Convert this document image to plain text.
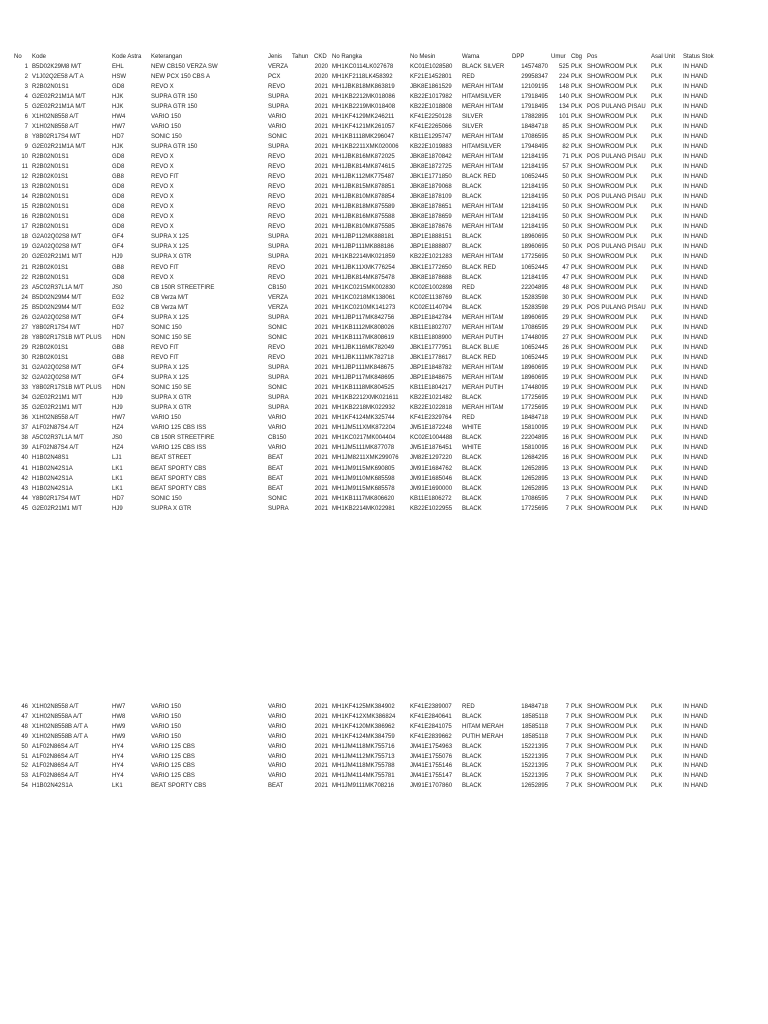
No	Kode	Kode Astra	Keterangan	Jenis	Tahun CKD No Rangka	No Mesin	Warna	DPP	Umur Cbg Pos	Asal Unit	Status Stok
1 B5D02K29M8 M/T	EHL	NEW CB150 VERZA SW	VERZA	2020 MH1KC0114LK027678	KC01E1028580	BLACK SILVER	14574870	525 PLK SHOWROOM PLK	PLK	IN HAND
2 V1J02Q2E58 A/T A	HSW	NEW PCX 150 CBS A	PCX	2020 MH1KF2118LK458392	KF21E1452801	RED	29958347	224 PLK SHOWROOM PLK	PLK	IN HAND
3 R2B02N01S1	GD8	REVO X	REVO	2021 MH1JBK818MK863819	JBK8E1861529	MERAH HITAM	12109195	148 PLK SHOWROOM PLK	PLK	IN HAND
4 G2E02R21M1A M/T	HJK	SUPRA GTR 150	SUPRA	2021 MH1KB2212MK018086	KB22E1017982	HITAMSILVER	17918495	140 PLK SHOWROOM PLK	PLK	IN HAND
5 G2E02R21M1A M/T	HJK	SUPRA GTR 150	SUPRA	2021 MH1KB2219MK018408	KB22E1018808	MERAH HITAM	17918495	134 PLK POS PULANG PISAU PLK	IN HAND
6 X1H02N8558 A/T	HW4	VARIO 150	VARIO	2021 MH1KF4129MK246211	KF41E2250128	SILVER	17882895	101 PLK SHOWROOM PLK	PLK	IN HAND
7 X1H02N8558 A/T	HW7	VARIO 150	VARIO	2021 MH1KF4121MK261057	KF41E2265066	SILVER	18484718	85 PLK SHOWROOM PLK	PLK	IN HAND
8 Y8B02R17S4 M/T	HD7	SONIC 150	SONIC	2021 MH1KB1118MK296047	KB11E1295747	MERAH HITAM	17086595	85 PLK SHOWROOM PLK	PLK	IN HAND
9 G2E02R21M1A M/T	HJK	SUPRA GTR 150	SUPRA	2021 MH1KB2211XMK020006	KB22E1019883	HITAMSILVER	17948495	82 PLK SHOWROOM PLK	PLK	IN HAND
10 R2B02N01S1	GD8	REVO X	REVO	2021 MH1JBK816MK872025	JBK8E1870842	MERAH HITAM	12184195	71 PLK POS PULANG PISAU PLK	IN HAND
11 R2B02N01S1	GD8	REVO X	REVO	2021 MH1JBK814MK874615	JBK8E1872725	MERAH HITAM	12184195	57 PLK SHOWROOM PLK	PLK	IN HAND
12 R2B02K01S1	GB8	REVO FIT	REVO	2021 MH1JBK112MK775487	JBK1E1771850	BLACK RED	10652445	50 PLK SHOWROOM PLK	PLK	IN HAND
13 R2B02N01S1	GD8	REVO X	REVO	2021 MH1JBK815MK878851	JBK8E1879068	BLACK	12184195	50 PLK SHOWROOM PLK	PLK	IN HAND
14 R2B02N01S1	GD8	REVO X	REVO	2021 MH1JBK810MK878854	JBK8E1878109	BLACK	12184195	50 PLK POS PULANG PISAU PLK	IN HAND
15 R2B02N01S1	GD8	REVO X	REVO	2021 MH1JBK818MK875589	JBK8E1878651	MERAH HITAM	12184195	50 PLK SHOWROOM PLK	PLK	IN HAND
16 R2B02N01S1	GD8	REVO X	REVO	2021 MH1JBK816MK875588	JBK8E1878659	MERAH HITAM	12184195	50 PLK SHOWROOM PLK	PLK	IN HAND
17 R2B02N01S1	GD8	REVO X	REVO	2021 MH1JBK810MK875585	JBK8E1878676	MERAH HITAM	12184195	50 PLK SHOWROOM PLK	PLK	IN HAND
18 G2A02Q02S8 M/T	GF4	SUPRA X 125	SUPRA	2021 MH1JBP112MK888181	JBP1E1888151	BLACK	18960695	50 PLK SHOWROOM PLK	PLK	IN HAND
19 G2A02Q02S8 M/T	GF4	SUPRA X 125	SUPRA	2021 MH1JBP111MK888186	JBP1E1888807	BLACK	18960695	50 PLK POS PULANG PISAU PLK	IN HAND
20 G2E02R21M1 M/T	HJ9	SUPRA X GTR	SUPRA	2021 MH1KB2214MK021859	KB22E1021283	MERAH HITAM	17725695	50 PLK SHOWROOM PLK	PLK	IN HAND
21 R2B02K01S1	GB8	REVO FIT	REVO	2021 MH1JBK11XMK776254	JBK1E1772650	BLACK RED	10652445	47 PLK SHOWROOM PLK	PLK	IN HAND
22 R2B02N01S1	GD8	REVO X	REVO	2021 MH1JBK814MK875478	JBK8E1878688	BLACK	12184195	47 PLK SHOWROOM PLK	PLK	IN HAND
23 A5C02R37L1A M/T	JS0	CB 150R STREETFIRE	CB150	2021 MH1KC0215MK002830	KC02E1002898	RED	22204895	48 PLK SHOWROOM PLK	PLK	IN HAND
24 B5D02N29M4 M/T	EG2	CB Verza M/T	VERZA	2021 MH1KC0218MK138061	KC02E1138769	BLACK	15283598	30 PLK SHOWROOM PLK	PLK	IN HAND
25 B5D02N29M4 M/T	EG2	CB Verza M/T	VERZA	2021 MH1KC0210MK141273	KC02E1140794	BLACK	15283598	29 PLK POS PULANG PISAU PLK	IN HAND
26 G2A02Q02S8 M/T	GF4	SUPRA X 125	SUPRA	2021 MH1JBP117MK842756	JBP1E1842784	MERAH HITAM	18960695	29 PLK SHOWROOM PLK	PLK	IN HAND
27 Y8B02R17S4 M/T	HD7	SONIC 150	SONIC	2021 MH1KB1112MK808026	KB11E1802707	MERAH HITAM	17086595	29 PLK SHOWROOM PLK	PLK	IN HAND
28 Y8B02R17S1B M/T PLUS	HDN	SONIC 150 SE	SONIC	2021 MH1KB1117MK808619	KB11E1808900	MERAH PUTIH	17448095	27 PLK SHOWROOM PLK	PLK	IN HAND
29 R2B02K01S1	GB8	REVO FIT	REVO	2021 MH1JBK116MK782049	JBK1E1777951	BLACK BLUE	10652445	26 PLK SHOWROOM PLK	PLK	IN HAND
30 R2B02K01S1	GB8	REVO FIT	REVO	2021 MH1JBK111MK782718	JBK1E1778617	BLACK RED	10652445	19 PLK SHOWROOM PLK	PLK	IN HAND
31 G2A02Q02S8 M/T	GF4	SUPRA X 125	SUPRA	2021 MH1JBP111MK848675	JBP1E1848782	MERAH HITAM	18960695	19 PLK SHOWROOM PLK	PLK	IN HAND
32 G2A02Q02S8 M/T	GF4	SUPRA X 125	SUPRA	2021 MH1JBP117MK848695	JBP1E1848675	MERAH HITAM	18960695	19 PLK SHOWROOM PLK	PLK	IN HAND
33 Y8B02R17S1B M/T PLUS	HDN	SONIC 150 SE	SONIC	2021 MH1KB1118MK804525	KB11E1804217	MERAH PUTIH	17448095	19 PLK SHOWROOM PLK	PLK	IN HAND
34 G2E02R21M1 M/T	HJ9	SUPRA X GTR	SUPRA	2021 MH1KB2212XMK021611	KB22E1021482	BLACK	17725695	19 PLK SHOWROOM PLK	PLK	IN HAND
35 G2E02R21M1 M/T	HJ9	SUPRA X GTR	SUPRA	2021 MH1KB2218MK022932	KB22E1022818	MERAH HITAM	17725695	19 PLK SHOWROOM PLK	PLK	IN HAND
36 X1H02N8558 A/T	HW7	VARIO 150	VARIO	2021 MH1KF4124MK325744	KF41E2329764	RED	18484718	19 PLK SHOWROOM PLK	PLK	IN HAND
37 A1F02N87S4 A/T	HZ4	VARIO 125 CBS ISS	VARIO	2021 MH1JM511XMK872204	JM51E1872248	WHITE	15810095	19 PLK SHOWROOM PLK	PLK	IN HAND
38 A5C02R37L1A M/T	JS0	CB 150R STREETFIRE	CB150	2021 MH1KC0217MK004404	KC02E1004488	BLACK	22204895	16 PLK SHOWROOM PLK	PLK	IN HAND
39 A1F02N87S4 A/T	HZ4	VARIO 125 CBS ISS	VARIO	2021 MH1JM5111MK877078	JM51E1876451	WHITE	15810095	16 PLK SHOWROOM PLK	PLK	IN HAND
40 H1B02N48S1	LJ1	BEAT STREET	BEAT	2021 MH1JM8211XMK299076	JM82E1297220	BLACK	12684295	16 PLK SHOWROOM PLK	PLK	IN HAND
41 H1B02N42S1A	LK1	BEAT SPORTY CBS	BEAT	2021 MH1JM9115MK690805	JM91E1684762	BLACK	12652895	13 PLK SHOWROOM PLK	PLK	IN HAND
42 H1B02N42S1A	LK1	BEAT SPORTY CBS	BEAT	2021 MH1JM9110MK685598	JM91E1685046	BLACK	12652895	13 PLK SHOWROOM PLK	PLK	IN HAND
43 H1B02N42S1A	LK1	BEAT SPORTY CBS	BEAT	2021 MH1JM9115MK685578	JM91E1690000	BLACK	12652895	13 PLK SHOWROOM PLK	PLK	IN HAND
44 Y8B02R17S4 M/T	HD7	SONIC 150	SONIC	2021 MH1KB1117MK806620	KB11E1806272	BLACK	17086595	7 PLK SHOWROOM PLK	PLK	IN HAND
45 G2E02R21M1 M/T	HJ9	SUPRA X GTR	SUPRA	2021 MH1KB2214MK022981	KB22E1022955	BLACK	17725695	7 PLK SHOWROOM PLK	PLK	IN HAND
46 X1H02N8558 A/T	HW7	VARIO 150	VARIO	2021 MH1KF4125MK384902	KF41E2389007	RED	18484718	7 PLK SHOWROOM PLK	PLK	IN HAND
47 X1H02N8558A A/T	HW8	VARIO 150	VARIO	2021 MH1KF412XMK386824	KF41E2840641	BLACK	18585118	7 PLK SHOWROOM PLK	PLK	IN HAND
48 X1H02N8558B A/T A	HW9	VARIO 150	VARIO	2021 MH1KF4120MK386962	KF41E2841075	HITAM MERAH	18585118	7 PLK SHOWROOM PLK	PLK	IN HAND
49 X1H02N8558B A/T A	HW9	VARIO 150	VARIO	2021 MH1KF4124MK384759	KF41E2839662	PUTIH MERAH	18585118	7 PLK SHOWROOM PLK	PLK	IN HAND
50 A1F02N86S4 A/T	HY4	VARIO 125 CBS	VARIO	2021 MH1JM4118MK755716	JM41E1754963	BLACK	15221395	7 PLK SHOWROOM PLK	PLK	IN HAND
51 A1F02N86S4 A/T	HY4	VARIO 125 CBS	VARIO	2021 MH1JM4112MK755713	JM41E1755076	BLACK	15221395	7 PLK SHOWROOM PLK	PLK	IN HAND
52 A1F02N86S4 A/T	HY4	VARIO 125 CBS	VARIO	2021 MH1JM4118MK755788	JM41E1755146	BLACK	15221395	7 PLK SHOWROOM PLK	PLK	IN HAND
53 A1F02N86S4 A/T	HY4	VARIO 125 CBS	VARIO	2021 MH1JM4114MK755781	JM41E1755147	BLACK	15221395	7 PLK SHOWROOM PLK	PLK	IN HAND
54 H1B02N42S1A	LK1	BEAT SPORTY CBS	BEAT	2021 MH1JM9111MK708216	JM91E1707860	BLACK	12652895	7 PLK SHOWROOM PLK	PLK	IN HAND
